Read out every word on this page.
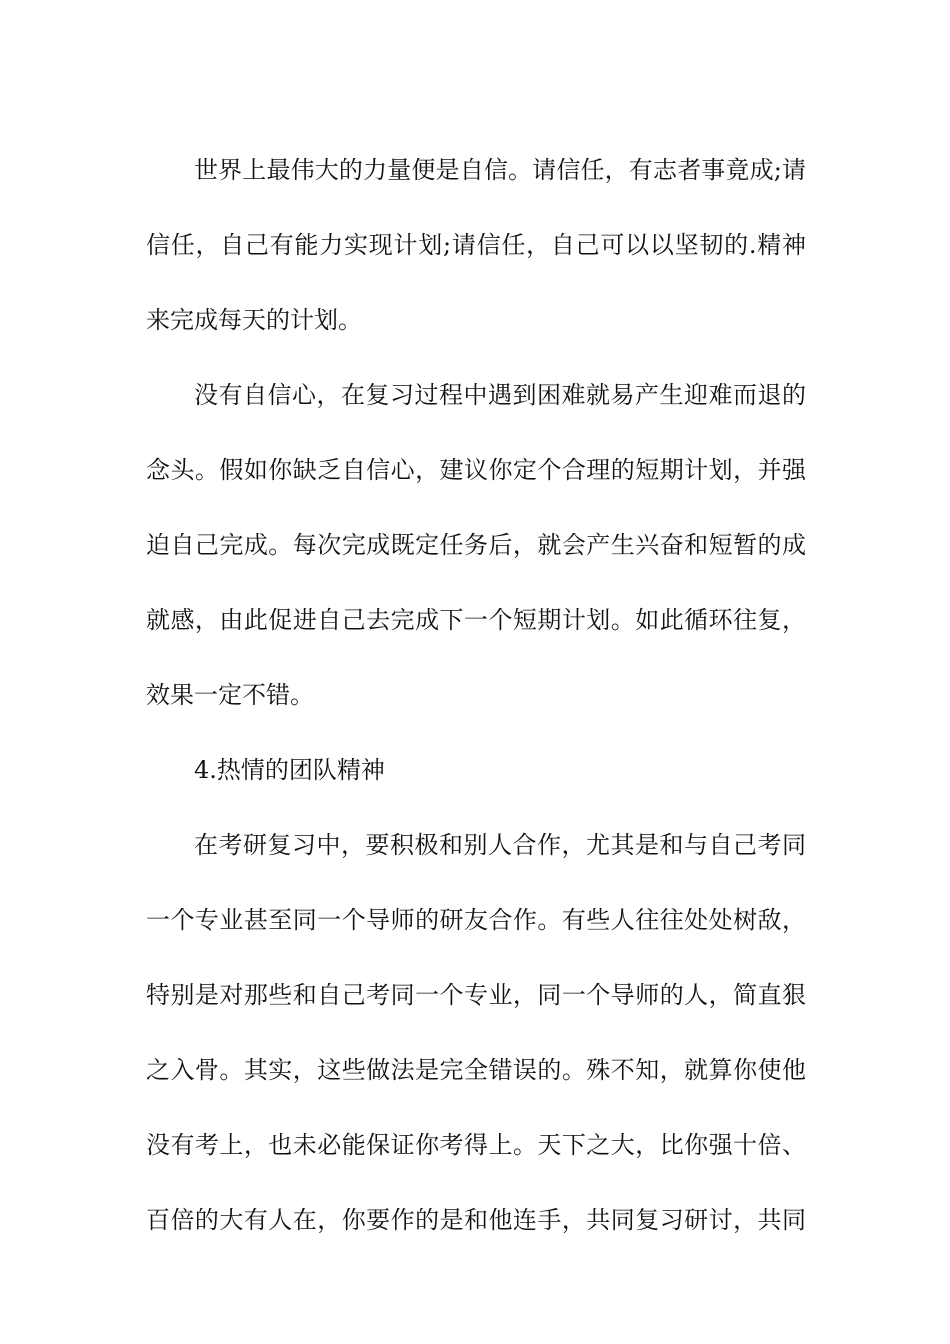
世界上最伟大的力量便是自信。请信任，有志者事竟成;请
信任，自己有能力实现计划;请信任，自己可以以坚韧的.精神
来完成每天的计划。
没有自信心，在复习过程中遇到困难就易产生迎难而退的
念头。假如你缺乏自信心，建议你定个合理的短期计划，并强
迫自己完成。每次完成既定任务后，就会产生兴奋和短暂的成
就感，由此促进自己去完成下一个短期计划。如此循环往复，
效果一定不错。
4.热情的团队精神
在考研复习中，要积极和别人合作，尤其是和与自己考同
一个专业甚至同一个导师的研友合作。有些人往往处处树敌，
特别是对那些和自己考同一个专业，同一个导师的人，简直狠
之入骨。其实，这些做法是完全错误的。殊不知，就算你使他
没有考上，也未必能保证你考得上。天下之大，比你强十倍、
百倍的大有人在，你要作的是和他连手，共同复习研讨，共同
